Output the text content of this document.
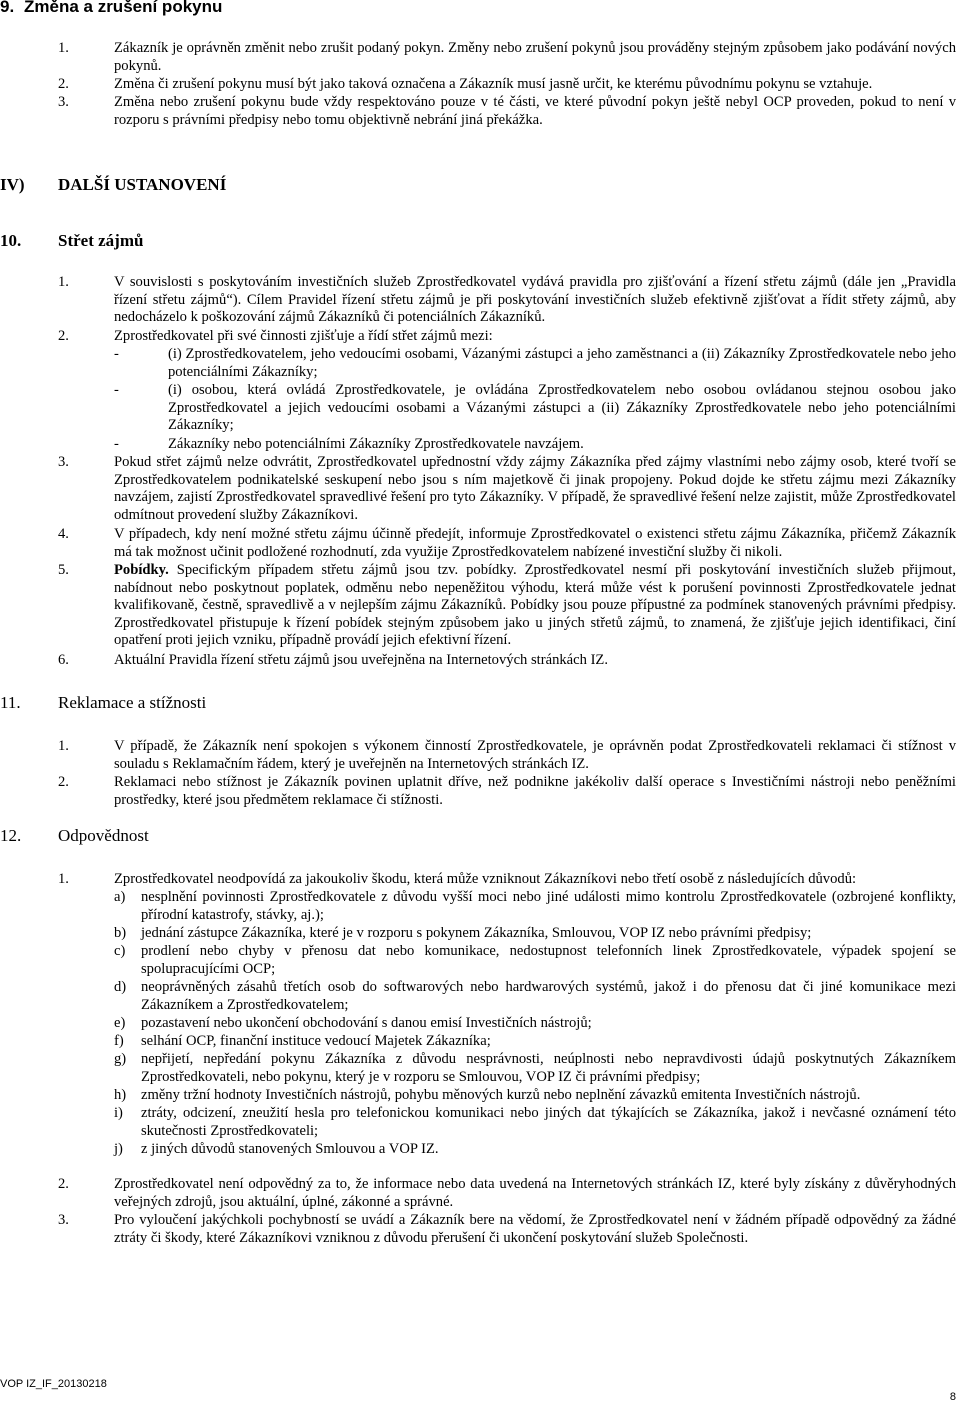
9. Změna a zrušení pokynu
1.	Zákazník je oprávněn změnit nebo zrušit podaný pokyn. Změny nebo zrušení pokynů jsou prováděny stejným způsobem jako podávání nových pokynů.
2.	Změna či zrušení pokynu musí být jako taková označena a Zákazník musí jasně určit, ke kterému původnímu pokynu se vztahuje.
3.	Změna nebo zrušení pokynu bude vždy respektováno pouze v té části, ve které původní pokyn ještě nebyl OCP proveden, pokud to není v rozporu s právními předpisy nebo tomu objektivně nebrání jiná překážka.
IV) DALŠÍ USTANOVENÍ
10. Střet zájmů
1.	V souvislosti s poskytováním investičních služeb Zprostředkovatel vydává pravidla pro zjišťování a řízení střetu zájmů (dále jen „Pravidla řízení střetu zájmů“). Cílem Pravidel řízení střetu zájmů je při poskytování investičních služeb efektivně zjišťovat a řídit střety zájmů, aby nedocházelo k poškozování zájmů Zákazníků či potenciálních Zákazníků.
2.	Zprostředkovatel při své činnosti zjišťuje a řídí střet zájmů mezi:
-	(i) Zprostředkovatelem, jeho vedoucími osobami, Vázanými zástupci a jeho zaměstnanci a (ii) Zákazníky Zprostředkovatele nebo jeho potenciálními Zákazníky;
-	(i) osobou, která ovládá Zprostředkovatele, je ovládána Zprostředkovatelem nebo osobou ovládanou stejnou osobou jako Zprostředkovatel a jejich vedoucími osobami a Vázanými zástupci a (ii) Zákazníky Zprostředkovatele nebo jeho potenciálními Zákazníky;
-	Zákazníky nebo potenciálními Zákazníky Zprostředkovatele navzájem.
3.	Pokud střet zájmů nelze odvrátit, Zprostředkovatel upřednostní vždy zájmy Zákazníka před zájmy vlastními nebo zájmy osob, které tvoří se Zprostředkovatelem podnikatelské seskupení nebo jsou s ním majetkově či jinak propojeny. Pokud dojde ke střetu zájmu mezi Zákazníky navzájem, zajistí Zprostředkovatel spravedlivé řešení pro tyto Zákazníky. V případě, že spravedlivé řešení nelze zajistit, může Zprostředkovatel odmítnout provedení služby Zákazníkovi.
4.	V případech, kdy není možné střetu zájmu účinně předejít, informuje Zprostředkovatel o existenci střetu zájmu Zákazníka, přičemž Zákazník má tak možnost učinit podložené rozhodnutí, zda využije Zprostředkovatelem nabízené investiční služby či nikoli.
5.	Pobídky. Specifickým případem střetu zájmů jsou tzv. pobídky. Zprostředkovatel nesmí při poskytování investičních služeb přijmout, nabídnout nebo poskytnout poplatek, odměnu nebo nepeněžitou výhodu, která může vést k porušení povinnosti Zprostředkovatele jednat kvalifikovaně, čestně, spravedlivě a v nejlepším zájmu Zákazníků. Pobídky jsou pouze přípustné za podmínek stanovených právními předpisy. Zprostředkovatel přistupuje k řízení pobídek stejným způsobem jako u jiných střetů zájmů, to znamená, že zjišťuje jejich identifikaci, činí opatření proti jejich vzniku, případně provádí jejich efektivní řízení.
6.	Aktuální Pravidla řízení střetu zájmů jsou uveřejněna na Internetových stránkách IZ.
11. Reklamace a stížnosti
1.	V případě, že Zákazník není spokojen s výkonem činností Zprostředkovatele, je oprávněn podat Zprostředkovateli reklamaci či stížnost v souladu s Reklamačním řádem, který je uveřejněn na Internetových stránkách IZ.
2.	Reklamaci nebo stížnost je Zákazník povinen uplatnit dříve, než podnikne jakékoliv další operace s Investičními nástroji nebo peněžními prostředky, které jsou předmětem reklamace či stížnosti.
12. Odpovědnost
1.	Zprostředkovatel neodpovídá za jakoukoliv škodu, která může vzniknout Zákazníkovi nebo třetí osobě z následujících důvodů:
a) nesplnění povinnosti Zprostředkovatele z důvodu vyšší moci nebo jiné události mimo kontrolu Zprostředkovatele (ozbrojené konflikty, přírodní katastrofy, stávky, aj.);
b) jednání zástupce Zákazníka, které je v rozporu s pokynem Zákazníka, Smlouvou, VOP IZ nebo právními předpisy;
c) prodlení nebo chyby v přenosu dat nebo komunikace, nedostupnost telefonních linek Zprostředkovatele, výpadek spojení se spolupracujícími OCP;
d) neoprávněných zásahů třetích osob do softwarových nebo hardwarových systémů, jakož i do přenosu dat či jiné komunikace mezi Zákazníkem a Zprostředkovatelem;
e) pozastavení nebo ukončení obchodování s danou emisí Investičních nástrojů;
f) selhání OCP, finanční instituce vedoucí Majetek Zákazníka;
g) nepřijetí, nepředání pokynu Zákazníka z důvodu nesprávnosti, neúplnosti nebo nepravdivosti údajů poskytnutých Zákazníkem Zprostředkovateli, nebo pokynu, který je v rozporu se Smlouvou, VOP IZ či právními předpisy;
h) změny tržní hodnoty Investičních nástrojů, pohybu měnových kurzů nebo neplnění závazků emitenta Investičních nástrojů.
i) ztráty, odcizení, zneužití hesla pro telefonickou komunikaci nebo jiných dat týkajících se Zákazníka, jakož i nevčasné oznámení této skutečnosti Zprostředkovateli;
j) z jiných důvodů stanovených Smlouvou a VOP IZ.
2.	Zprostředkovatel není odpovědný za to, že informace nebo data uvedená na Internetových stránkách IZ, které byly získány z důvěryhodných veřejných zdrojů, jsou aktuální, úplné, zákonné a správné.
3.	Pro vyloučení jakýchkoli pochybností se uvádí a Zákazník bere na vědomí, že Zprostředkovatel není v žádném případě odpovědný za žádné ztráty či škody, které Zákazníkovi vzniknou z důvodu přerušení či ukončení poskytování služeb Společnosti.
VOP IZ_IF_20130218
8
